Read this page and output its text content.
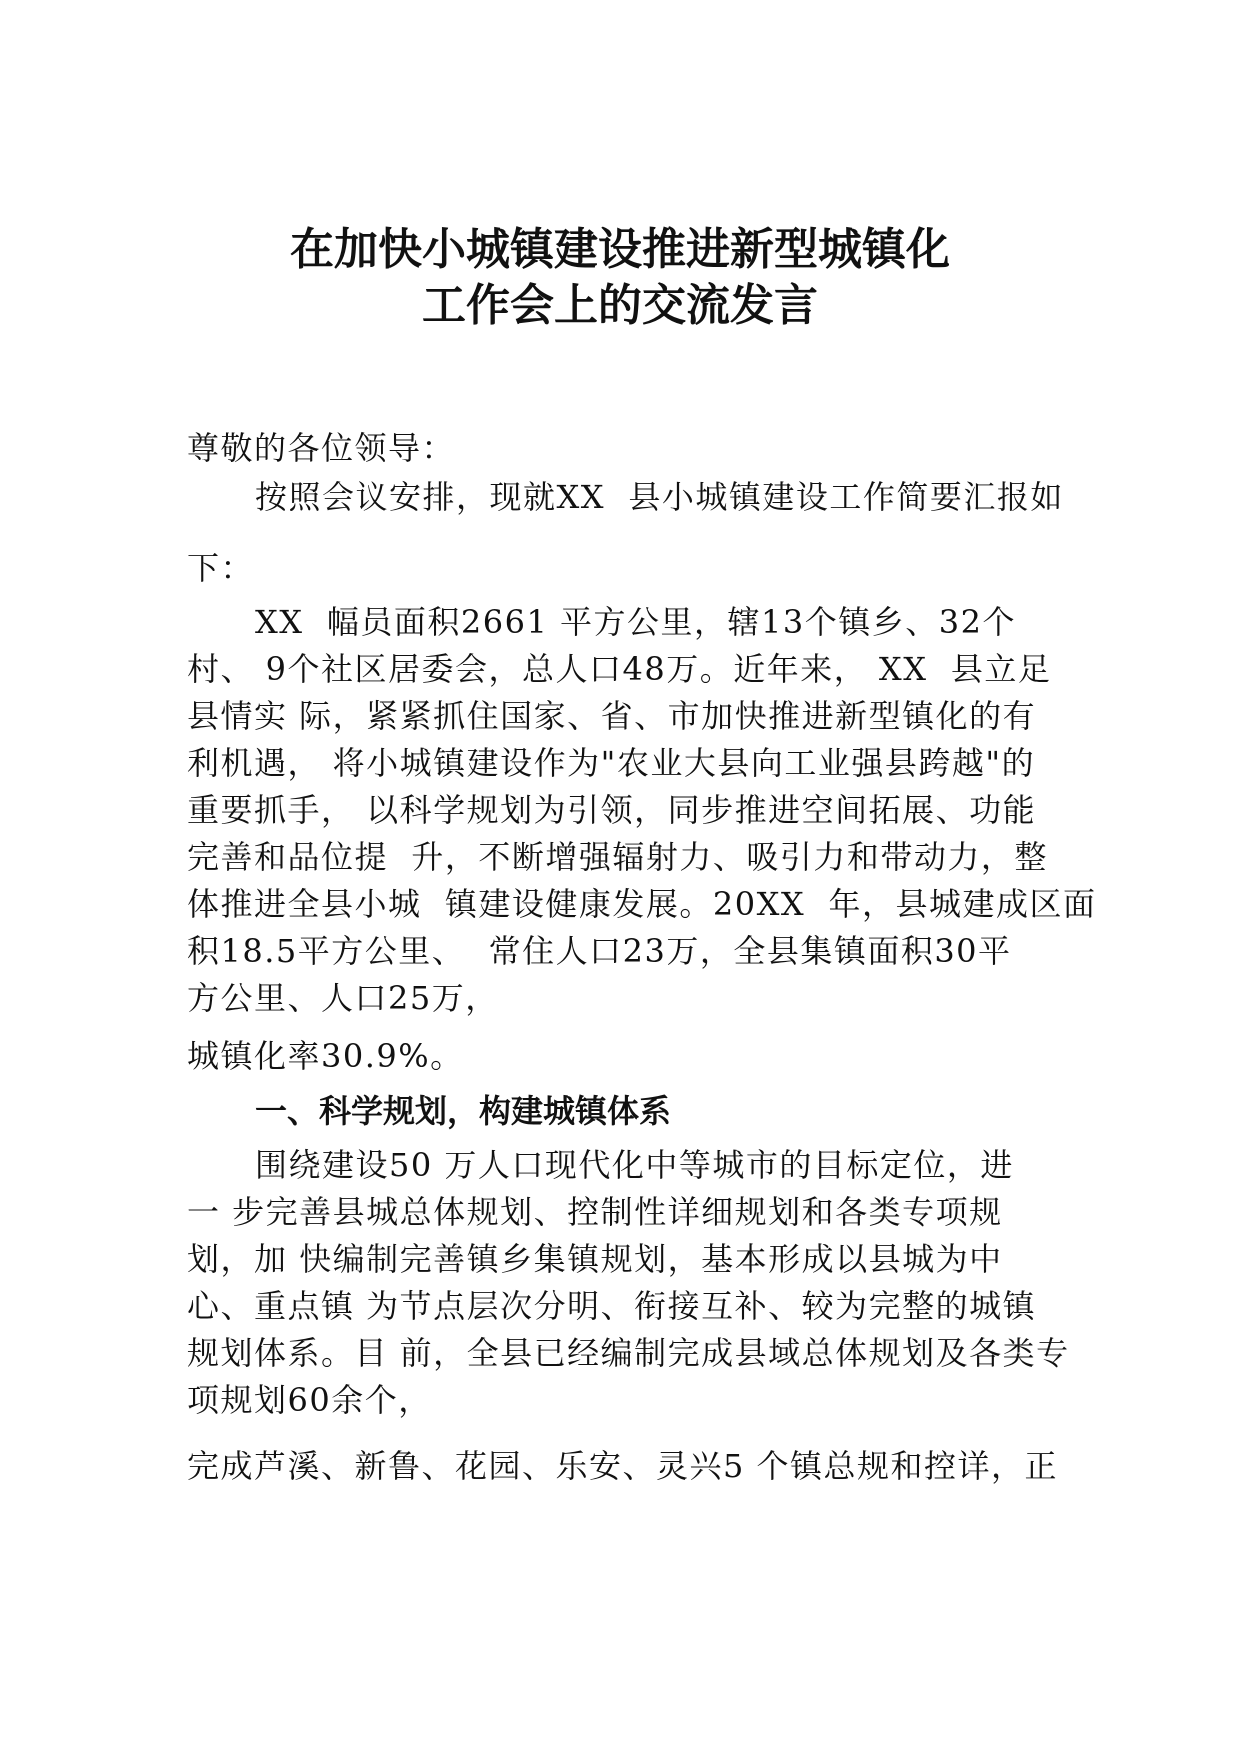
在加快小城镇建设推进新型城镇化
工作会上的交流发言
尊敬的各位领导：
按照会议安排，现就XX  县小城镇建设工作简要汇报如
下：
XX  幅员面积2661 平方公里，辖13个镇乡、32个
村、 9个社区居委会，总人口48万。近年来， XX  县立足
县情实 际，紧紧抓住国家、省、市加快推进新型镇化的有
利机遇， 将小城镇建设作为"农业大县向工业强县跨越"的
重要抓手， 以科学规划为引领，同步推进空间拓展、功能
完善和品位提  升，不断增强辐射力、吸引力和带动力，整
体推进全县小城  镇建设健康发展。20XX  年，县城建成区面
积18.5平方公里、  常住人口23万，全县集镇面积30平
方公里、人口25万，
城镇化率30.9%。
一、科学规划，构建城镇体系
围绕建设50 万人口现代化中等城市的目标定位，进
一 步完善县城总体规划、控制性详细规划和各类专项规
划，加 快编制完善镇乡集镇规划，基本形成以县城为中
心、重点镇 为节点层次分明、衔接互补、较为完整的城镇
规划体系。目 前，全县已经编制完成县域总体规划及各类专
项规划60余个，
完成芦溪、新鲁、花园、乐安、灵兴5 个镇总规和控详，正
